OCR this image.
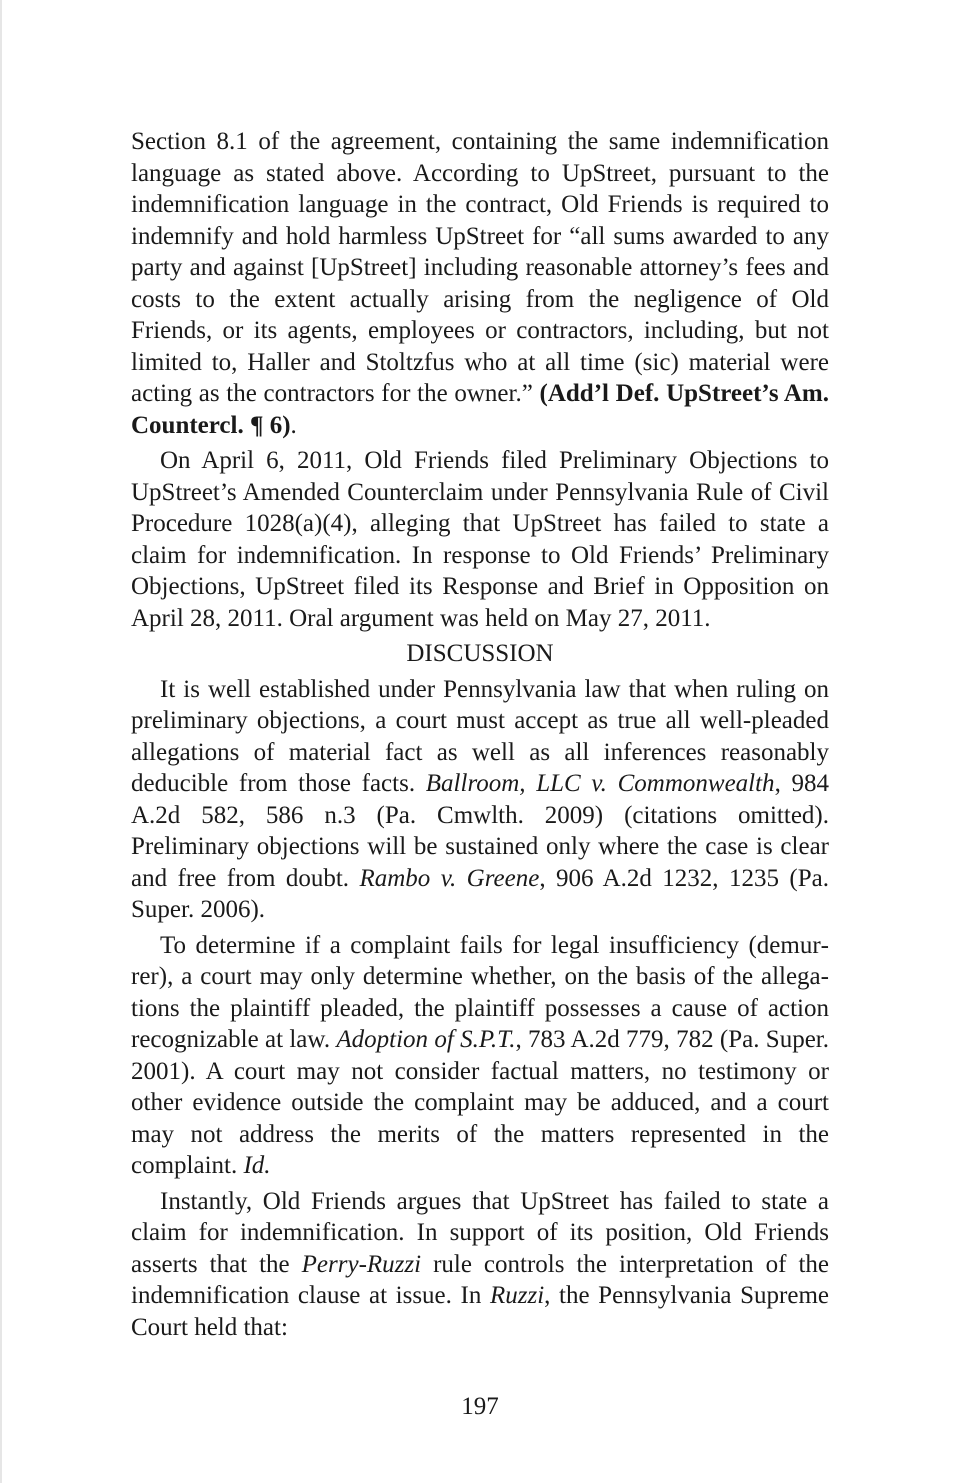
Section 8.1 of the agreement, containing the same indemnification language as stated above. According to UpStreet, pursuant to the indemnification language in the contract, Old Friends is required to indemnify and hold harmless UpStreet for “all sums awarded to any party and against [UpStreet] including reasonable attorney’s fees and costs to the extent actually arising from the negligence of Old Friends, or its agents, employees or contractors, including, but not limited to, Haller and Stoltzfus who at all time (sic) material were acting as the contractors for the owner.” (Add’l Def. UpStreet’s Am. Countercl. ¶ 6).

On April 6, 2011, Old Friends filed Preliminary Objections to UpStreet’s Amended Counterclaim under Pennsylvania Rule of Civil Procedure 1028(a)(4), alleging that UpStreet has failed to state a claim for indemnification. In response to Old Friends’ Preliminary Objections, UpStreet filed its Response and Brief in Opposition on April 28, 2011. Oral argument was held on May 27, 2011.

DISCUSSION

It is well established under Pennsylvania law that when ruling on preliminary objections, a court must accept as true all well-pleaded allegations of material fact as well as all inferences reasonably deducible from those facts. Ballroom, LLC v. Commonwealth, 984 A.2d 582, 586 n.3 (Pa. Cmwlth. 2009) (citations omitted). Preliminary objections will be sustained only where the case is clear and free from doubt. Rambo v. Greene, 906 A.2d 1232, 1235 (Pa. Super. 2006).

To determine if a complaint fails for legal insufficiency (demurrer), a court may only determine whether, on the basis of the allegations the plaintiff pleaded, the plaintiff possesses a cause of action recognizable at law. Adoption of S.P.T., 783 A.2d 779, 782 (Pa. Super. 2001). A court may not consider factual matters, no testimony or other evidence outside the complaint may be adduced, and a court may not address the merits of the matters represented in the complaint. Id.

Instantly, Old Friends argues that UpStreet has failed to state a claim for indemnification. In support of its position, Old Friends asserts that the Perry-Ruzzi rule controls the interpretation of the indemnification clause at issue. In Ruzzi, the Pennsylvania Supreme Court held that:

197
